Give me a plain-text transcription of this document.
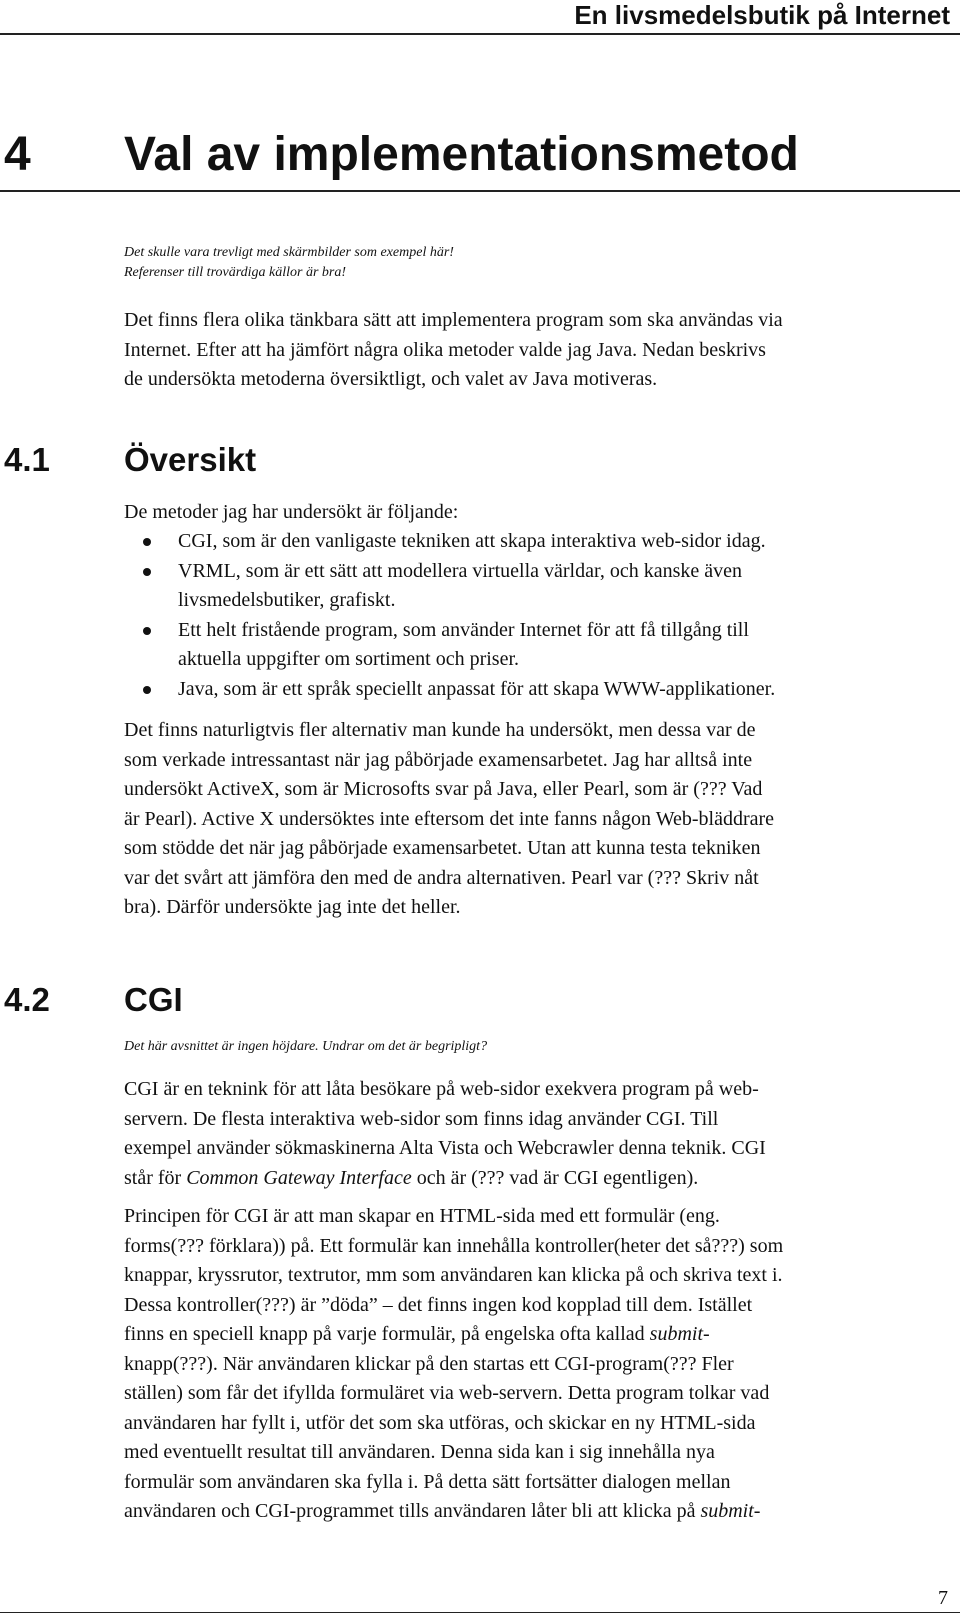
En livsmedelsbutik på Internet

4 Val av implementationsmetod

Det skulle vara trevligt med skärmbilder som exempel här!
Referenser till trovärdiga källor är bra!

Det finns flera olika tänkbara sätt att implementera program som ska användas via
Internet. Efter att ha jämfört några olika metoder valde jag Java. Nedan beskrivs
de undersökta metoderna översiktligt, och valet av Java motiveras.

4.1 Översikt

De metoder jag har undersökt är följande:

CGI, som är den vanligaste tekniken att skapa interaktiva web-sidor idag.
VRML, som är ett sätt att modellera virtuella världar, och kanske även
livsmedelsbutiker, grafiskt.
Ett helt fristående program, som använder Internet för att få tillgång till
aktuella uppgifter om sortiment och priser.
Java, som är ett språk speciellt anpassat för att skapa WWW-applikationer.

Det finns naturligtvis fler alternativ man kunde ha undersökt, men dessa var de
som verkade intressantast när jag påbörjade examensarbetet. Jag har alltså inte
undersökt ActiveX, som är Microsofts svar på Java, eller Pearl, som är (??? Vad
är Pearl). Active X undersöktes inte eftersom det inte fanns någon Web-bläddrare
som stödde det när jag påbörjade examensarbetet. Utan att kunna testa tekniken
var det svårt att jämföra den med de andra alternativen. Pearl var (??? Skriv nåt
bra). Därför undersökte jag inte det heller.

4.2 CGI

Det här avsnittet är ingen höjdare. Undrar om det är begripligt?

CGI är en teknink för att låta besökare på web-sidor exekvera program på web-
servern. De flesta interaktiva web-sidor som finns idag använder CGI. Till
exempel använder sökmaskinerna Alta Vista och Webcrawler denna teknik. CGI
står för Common Gateway Interface och är (??? vad är CGI egentligen).

Principen för CGI är att man skapar en HTML-sida med ett formulär (eng.
forms(??? förklara)) på. Ett formulär kan innehålla kontroller(heter det så???) som
knappar, kryssrutor, textrutor, mm som användaren kan klicka på och skriva text i.
Dessa kontroller(???) är ”döda” – det finns ingen kod kopplad till dem. Istället
finns en speciell knapp på varje formulär, på engelska ofta kallad submit-
knapp(???). När användaren klickar på den startas ett CGI-program(??? Fler
ställen) som får det ifyllda formuläret via web-servern. Detta program tolkar vad
användaren har fyllt i, utför det som ska utföras, och skickar en ny HTML-sida
med eventuellt resultat till användaren. Denna sida kan i sig innehålla nya
formulär som användaren ska fylla i. På detta sätt fortsätter dialogen mellan
användaren och CGI-programmet tills användaren låter bli att klicka på submit-

7
